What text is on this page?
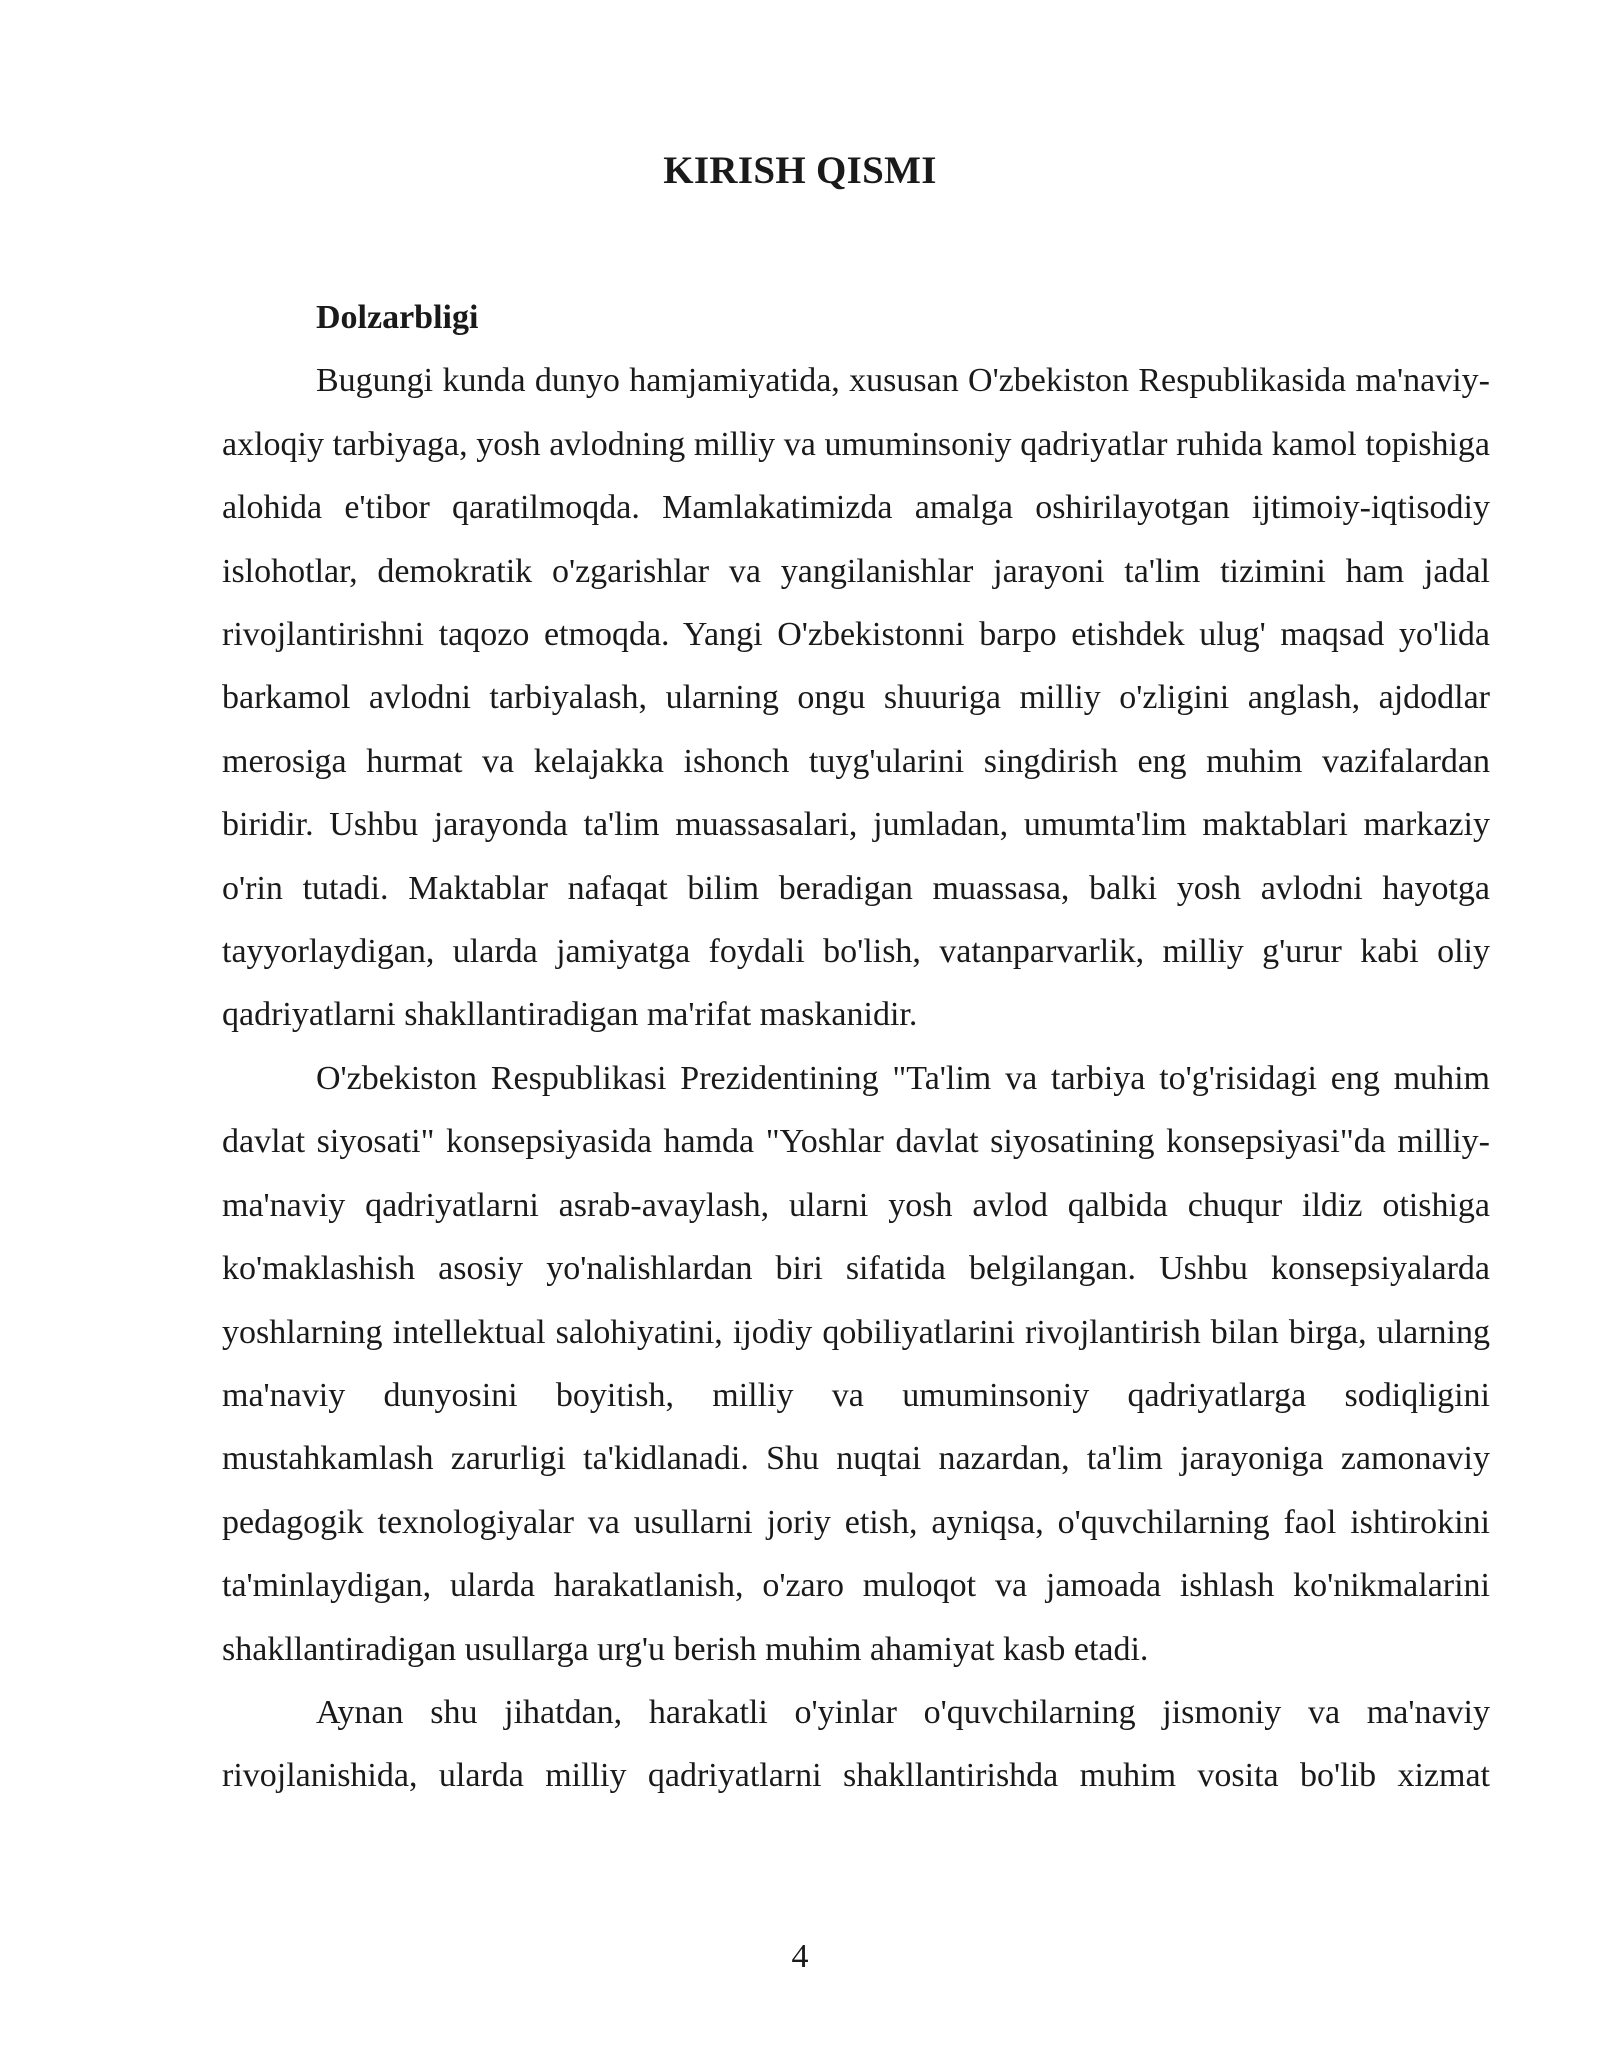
KIRISH QISMI

Dolzarbligi

Bugungi kunda dunyo hamjamiyatida, xususan O'zbekiston Respublikasida ma'naviy-axloqiy tarbiyaga, yosh avlodning milliy va umuminsoniy qadriyatlar ruhida kamol topishiga alohida e'tibor qaratilmoqda. Mamlakatimizda amalga oshirilayotgan ijtimoiy-iqtisodiy islohotlar, demokratik o'zgarishlar va yangilanishlar jarayoni ta'lim tizimini ham jadal rivojlantirishni taqozo etmoqda. Yangi O'zbekistonni barpo etishdek ulug' maqsad yo'lida barkamol avlodni tarbiyalash, ularning ongu shuuriga milliy o'zligini anglash, ajdodlar merosiga hurmat va kelajakka ishonch tuyg'ularini singdirish eng muhim vazifalardan biridir. Ushbu jarayonda ta'lim muassasalari, jumladan, umumta'lim maktablari markaziy o'rin tutadi. Maktablar nafaqat bilim beradigan muassasa, balki yosh avlodni hayotga tayyorlaydigan, ularda jamiyatga foydali bo'lish, vatanparvarlik, milliy g'urur kabi oliy qadriyatlarni shakllantiradigan ma'rifat maskanidir.

O'zbekiston Respublikasi Prezidentining "Ta'lim va tarbiya to'g'risidagi eng muhim davlat siyosati" konsepsiyasida hamda "Yoshlar davlat siyosatining konsepsiyasi"da milliy-ma'naviy qadriyatlarni asrab-avaylash, ularni yosh avlod qalbida chuqur ildiz otishiga ko'maklashish asosiy yo'nalishlardan biri sifatida belgilangan. Ushbu konsepsiyalarda yoshlarning intellektual salohiyatini, ijodiy qobiliyatlarini rivojlantirish bilan birga, ularning ma'naviy dunyosini boyitish, milliy va umuminsoniy qadriyatlarga sodiqligini mustahkamlash zarurligi ta'kidlanadi. Shu nuqtai nazardan, ta'lim jarayoniga zamonaviy pedagogik texnologiyalar va usullarni joriy etish, ayniqsa, o'quvchilarning faol ishtirokini ta'minlaydigan, ularda harakatlanish, o'zaro muloqot va jamoada ishlash ko'nikmalarini shakllantiradigan usullarga urg'u berish muhim ahamiyat kasb etadi.

Aynan shu jihatdan, harakatli o'yinlar o'quvchilarning jismoniy va ma'naviy rivojlanishida, ularda milliy qadriyatlarni shakllantirishda muhim vosita bo'lib xizmat

4
